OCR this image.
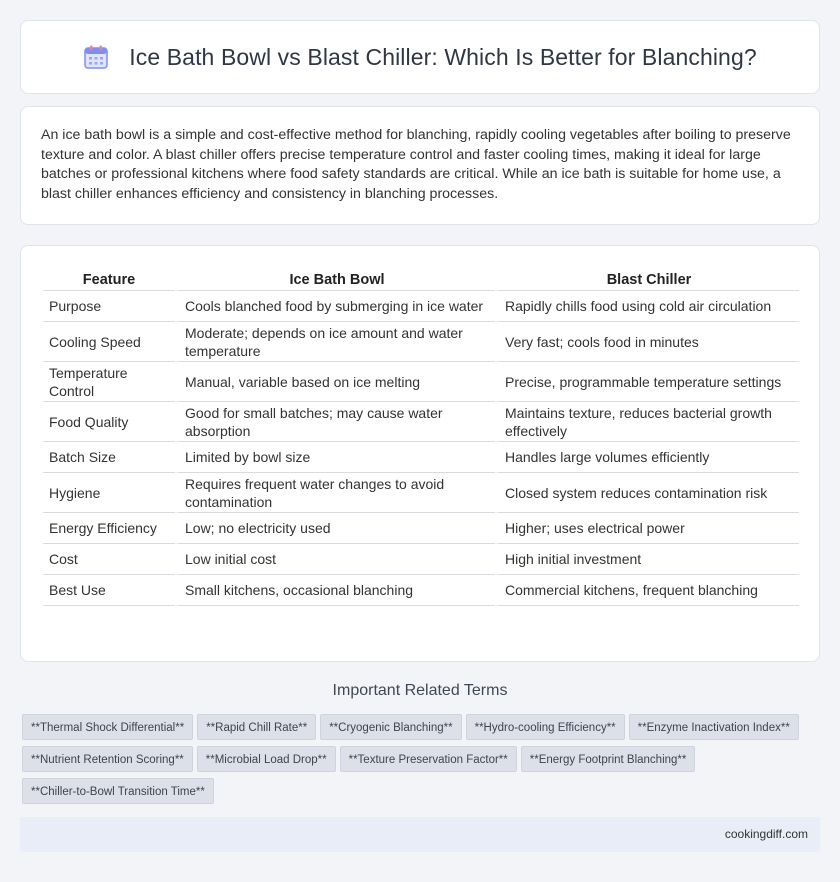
Ice Bath Bowl vs Blast Chiller: Which Is Better for Blanching?

An ice bath bowl is a simple and cost-effective method for blanching, rapidly cooling vegetables after boiling to preserve texture and color. A blast chiller offers precise temperature control and faster cooling times, making it ideal for large batches or professional kitchens where food safety standards are critical. While an ice bath is suitable for home use, a blast chiller enhances efficiency and consistency in blanching processes.

Feature	Ice Bath Bowl	Blast Chiller
Purpose	Cools blanched food by submerging in ice water	Rapidly chills food using cold air circulation
Cooling Speed	Moderate; depends on ice amount and water temperature	Very fast; cools food in minutes
Temperature Control	Manual, variable based on ice melting	Precise, programmable temperature settings
Food Quality	Good for small batches; may cause water absorption	Maintains texture, reduces bacterial growth effectively
Batch Size	Limited by bowl size	Handles large volumes efficiently
Hygiene	Requires frequent water changes to avoid contamination	Closed system reduces contamination risk
Energy Efficiency	Low; no electricity used	Higher; uses electrical power
Cost	Low initial cost	High initial investment
Best Use	Small kitchens, occasional blanching	Commercial kitchens, frequent blanching
Important Related Terms
**Thermal Shock Differential** **Rapid Chill Rate** **Cryogenic Blanching** **Hydro-cooling Efficiency** **Enzyme Inactivation Index****Nutrient Retention Scoring** **Microbial Load Drop** **Texture Preservation Factor** **Energy Footprint Blanching****Chiller-to-Bowl Transition Time**
cookingdiff.com
